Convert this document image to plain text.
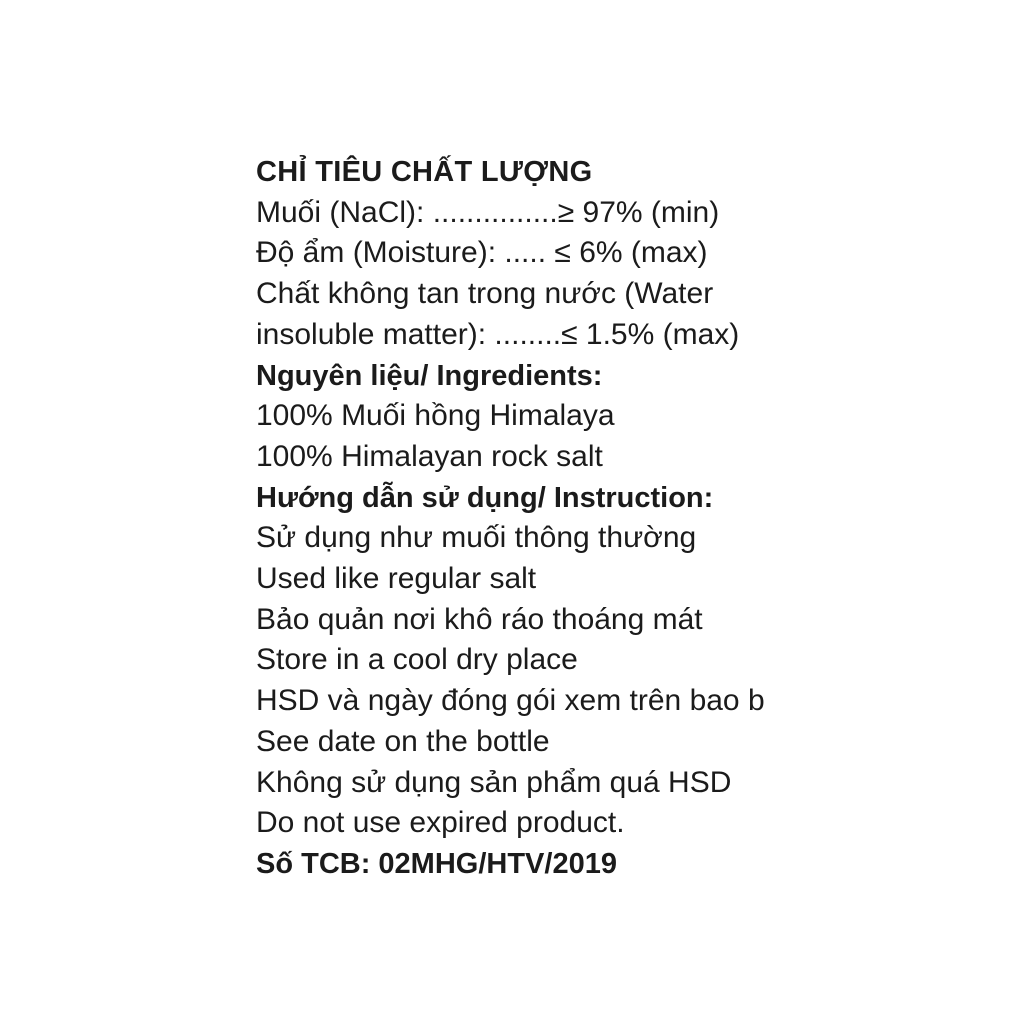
CHỈ TIÊU CHẤT LƯỢNG
Muối (NaCl): ...............≥ 97% (min)
Độ ẩm (Moisture): ..... ≤ 6% (max)
Chất không tan trong nước (Water
insoluble matter): ........≤ 1.5% (max)
Nguyên liệu/ Ingredients:
100% Muối hồng Himalaya
100% Himalayan rock salt
Hướng dẫn sử dụng/ Instruction:
Sử dụng như muối thông thường
Used like regular salt
Bảo quản nơi khô ráo thoáng mát
Store in a cool dry place
HSD và ngày đóng gói xem trên bao b
See date on the bottle
Không sử dụng sản phẩm quá HSD
Do not use expired product.
Số TCB: 02MHG/HTV/2019
